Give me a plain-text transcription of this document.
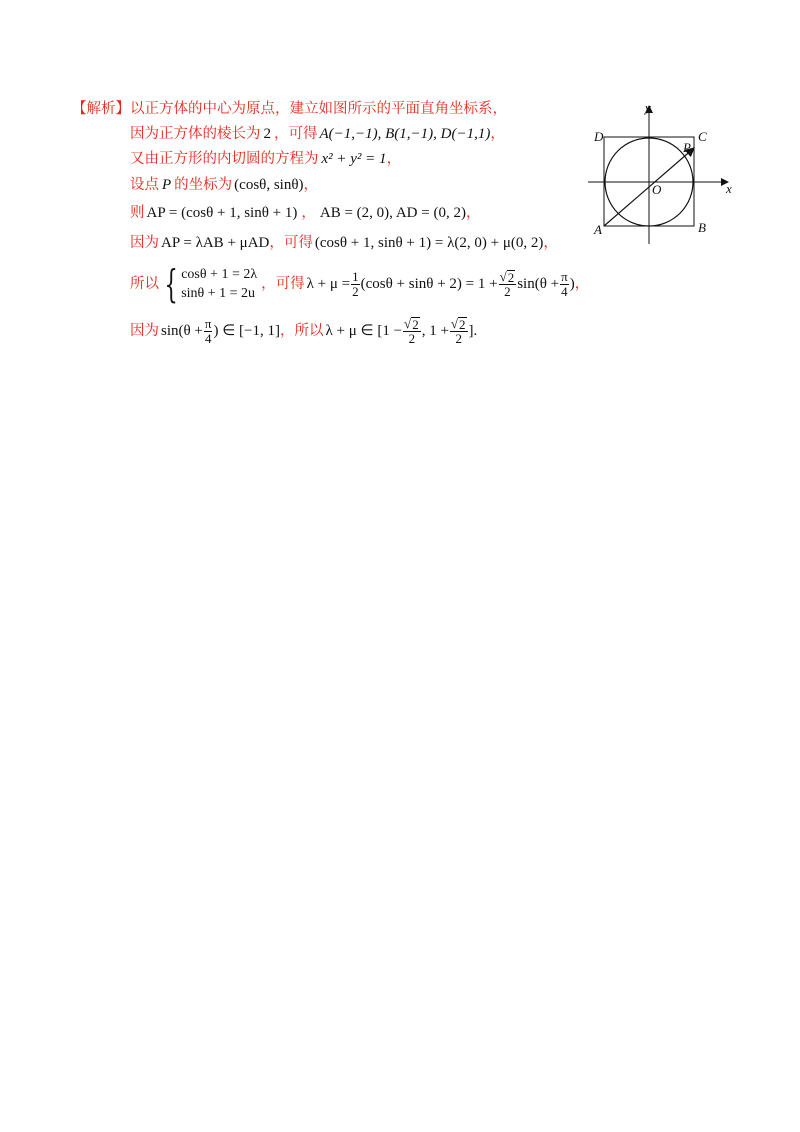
【解析】 以正方体的中心为原点，建立如图所示的平面直角坐标系，
因为正方体的棱长为 2 ，可得 A(−1,−1), B(1,−1), D(−1,1) ，
又由正方形的内切圆的方程为 x² + y² = 1 ，
设点 P 的坐标为 (cosθ, sinθ) ，
则 AP = (cosθ + 1, sinθ + 1) ， AB = (2, 0), AD = (0, 2) ，
因为 AP = λAB + μAD ，可得 (cosθ + 1, sinθ + 1) = λ(2, 0) + μ(0, 2) ，
所以 { cosθ + 1 = 2λ
sinθ + 1 = 2u
，可得 $\lambda + \mu = \frac{1}{2} (\cos\theta + \sin\theta + 2) = 1 + \frac{√ 2}{2} \sin(\theta + \frac{\pi}{4}$ ) ，
因为 $\sin(\theta + \frac{\pi}{4}$ ) ∈ [−1, 1] ，所以 λ + μ ∈ [$1 - \frac{√ 2}{2}$ , $1 + \frac{√ 2}{2}$ ].
D	C
P
O
A	B
x
y
